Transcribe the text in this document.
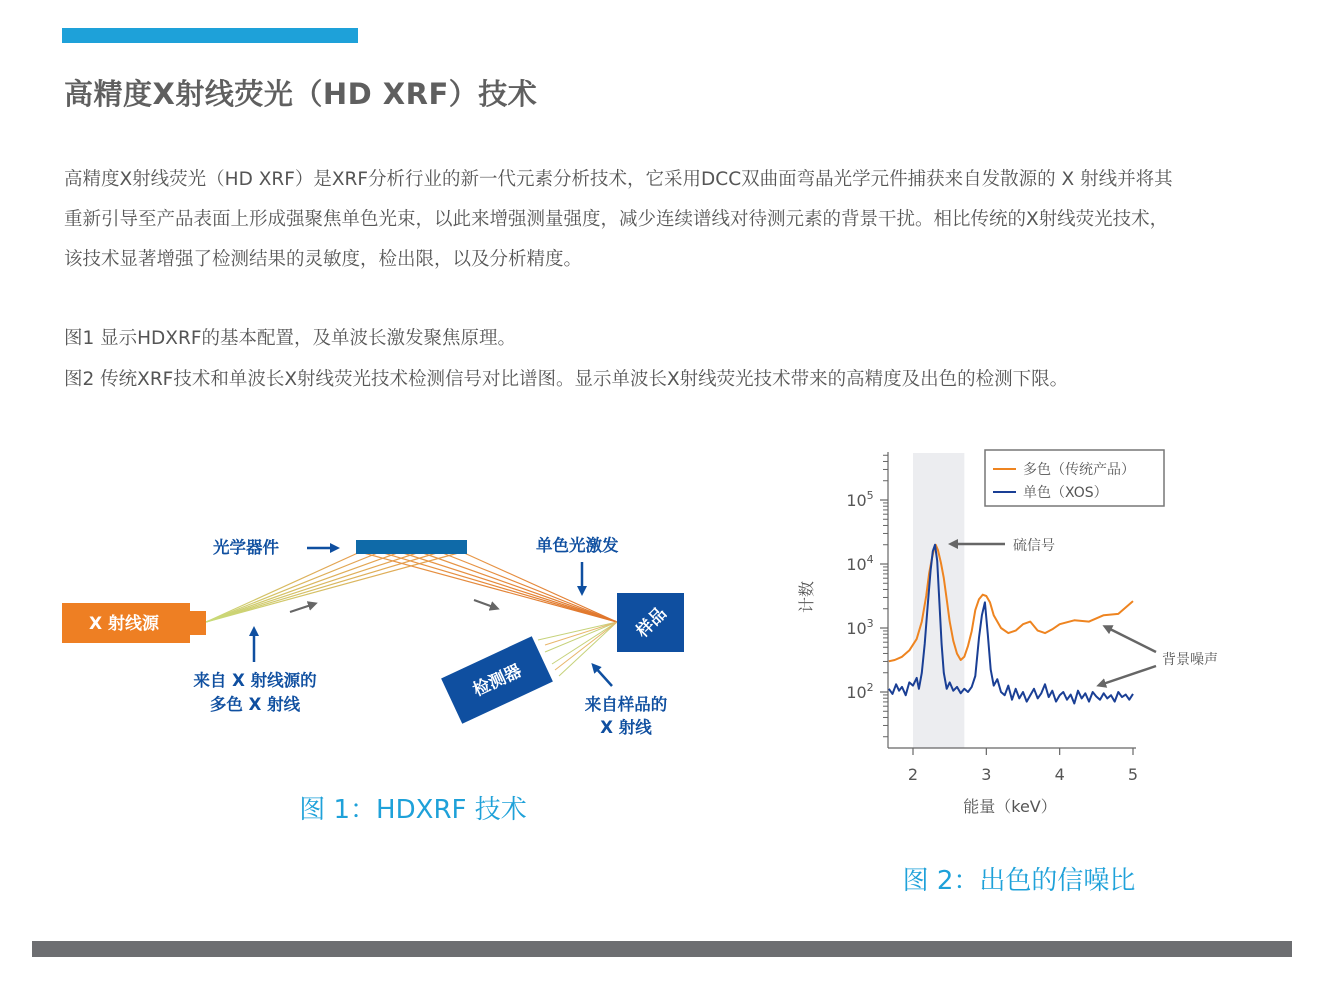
高精度X射线荧光（HD XRF）技术

高精度X射线荧光（HD XRF）是XRF分析行业的新一代元素分析技术，它采用DCC双曲面弯晶光学元件捕获来自发散源的 X 射线并将其

重新引导至产品表面上形成强聚焦单色光束，以此来增强测量强度，减少连续谱线对待测元素的背景干扰。相比传统的X射线荧光技术，

该技术显著增强了检测结果的灵敏度，检出限，以及分析精度。

图1 显示HDXRF的基本配置，及单波长激发聚焦原理。

图2 传统XRF技术和单波长X射线荧光技术检测信号对比谱图。显示单波长X射线荧光技术带来的高精度及出色的检测下限。

X 射线源	样品
检测器
光学器件	单色光激发
来自 X 射线源的
多色 X 射线	来自样品的
X 射线
图 1：HDXRF 技术
2	3	4	5
$10^2$
$10^3$
$10^4$
$10^5$
能量（keV）
计数
多色（传统产品）
单色（XOS）
硫信号
背景噪声
图 2：出色的信噪比
